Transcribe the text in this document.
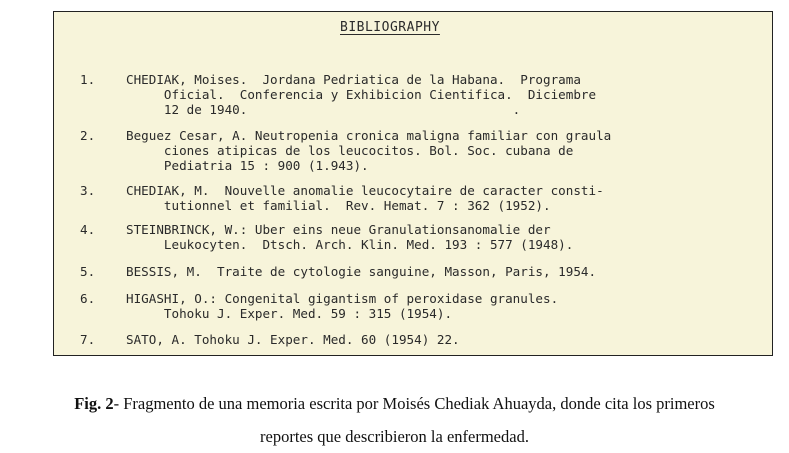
BIBLIOGRAPHY
1. CHEDIAK, Moises.  Jordana Pedriatica de la Habana.  Programa
Oficial.  Conferencia y Exhibicion Cientifica.  Diciembre
12 de 1940.                                   .
2. Beguez Cesar, A. Neutropenia cronica maligna familiar con graula
ciones atipicas de los leucocitos. Bol. Soc. cubana de
Pediatria 15 : 900 (1.943).
3. CHEDIAK, M.  Nouvelle anomalie leucocytaire de caracter consti-
tutionnel et familial.  Rev. Hemat. 7 : 362 (1952).
4. STEINBRINCK, W.: Uber eins neue Granulationsanomalie der
Leukocyten.  Dtsch. Arch. Klin. Med. 193 : 577 (1948).
5. BESSIS, M.  Traite de cytologie sanguine, Masson, Paris, 1954.
6. HIGASHI, O.: Congenital gigantism of peroxidase granules.
Tohoku J. Exper. Med. 59 : 315 (1954).
7. SATO, A. Tohoku J. Exper. Med. 60 (1954) 22.
Fig. 2- Fragmento de una memoria escrita por Moisés Chediak Ahuayda, donde cita los primeros
reportes que describieron la enfermedad.
